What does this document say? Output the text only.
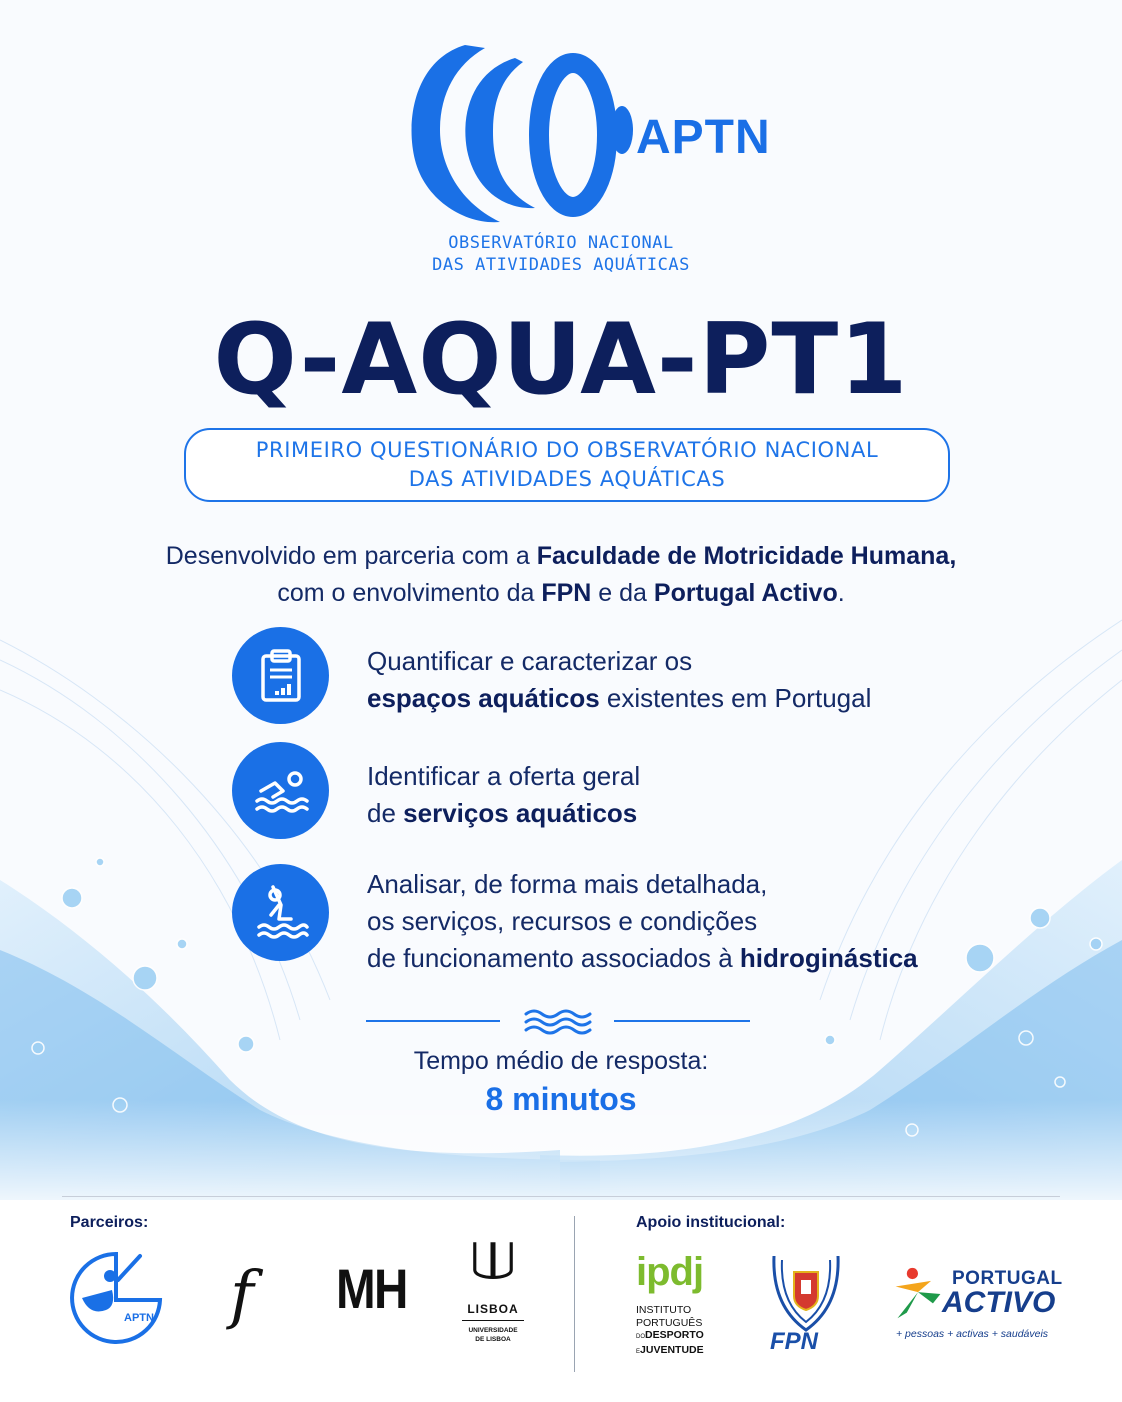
APTN
OBSERVATÓRIO NACIONAL
DAS ATIVIDADES AQUÁTICAS
Q-AQUA-PT1
PRIMEIRO QUESTIONÁRIO DO OBSERVATÓRIO NACIONAL
DAS ATIVIDADES AQUÁTICAS
Desenvolvido em parceria com a Faculdade de Motricidade Humana,
com o envolvimento da FPN e da Portugal Activo.
Quantificar e caracterizar os
espaços aquáticos existentes em Portugal
Identificar a oferta geral
de serviços aquáticos
Analisar, de forma mais detalhada,
os serviços, recursos e condições
de funcionamento associados à hidroginástica
Tempo médio de resposta:
8 minutos
Parceiros:	Apoio institucional:
APTN f MH	LISBOA
UNIVERSIDADE
DE LISBOA
ipdj
INSTITUTO
PORTUGUÊS
DODESPORTO
EJUVENTUDE	FPN
PORTUGAL
ACTIVO
+ pessoas + activas + saudáveis
